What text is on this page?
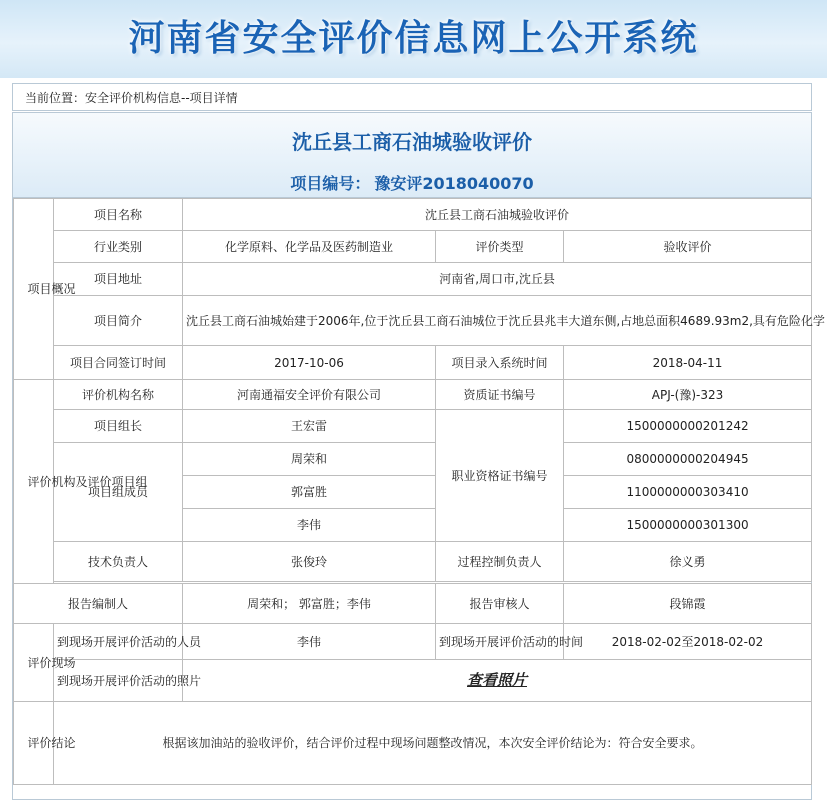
河南省安全评价信息网上公开系统
当前位置：安全评价机构信息--项目详情
沈丘县工商石油城验收评价
项目编号： 豫安评2018040070
项目概况	项目名称	沈丘县工商石油城验收评价		
	行业类别	化学原料、化学品及医药制造业	评价类型	验收评价
	项目地址	河南省,周口市,沈丘县		
	项目简介	沈丘县工商石油城始建于2006年,位于沈丘县工商石油城位于沈丘县兆丰大道东侧,占地总面积4689.93m2,具有危险化学		
	项目合同签订时间	2017-10-06	项目录入系统时间	2018-04-11

评价机构及评价项目组	评价机构名称	河南通福安全评价有限公司	资质证书编号	APJ-(豫)-323
	项目组长	王宏雷	职业资格证书编号	1500000000201242
	项目组成员	周荣和		0800000000204945
		郭富胜		1100000000303410
		李伟		1500000000301300
	技术负责人	张俊玲	过程控制负责人	徐义勇

报告编制人		周荣和； 郭富胜；李伟	报告审核人	段锦霞

评价现场	到现场开展评价活动的人员	李伟	到现场开展评价活动的时间	2018-02-02至2018-02-02
	到现场开展评价活动的照片	查看照片		

评价结论	根据该加油站的验收评价，结合评价过程中现场问题整改情况，本次安全评价结论为：符合安全要求。			
